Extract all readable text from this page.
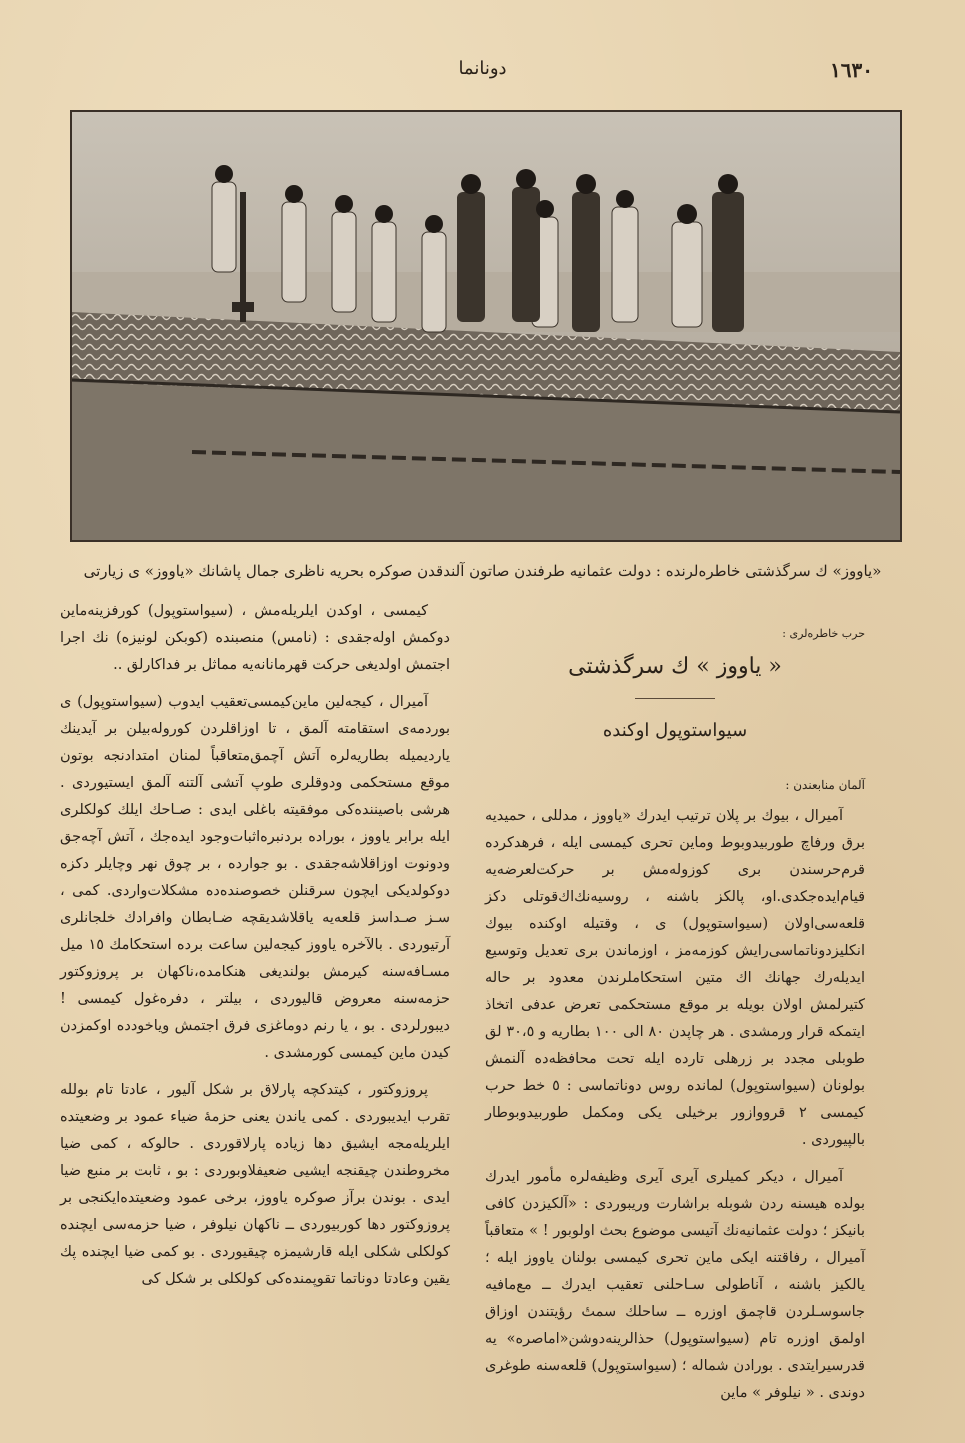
١٦٣٠
دونانما
«یاووز» ك سرگذشتی خاطره‌لرنده : دولت عثمانیه طرفندن صاتون آلندقدن صوكره بحریه ناظری جمال پاشانك «یاووز» ی زیارتی
حرب خاطره‌لری :
« یاووز » ك سرگذشتی
سیواستوپول اوكنده
آلمان منابعندن :

آمیرال ، بیوك بر پلان ترتیب ایدرك «یاووز ، مدللی ، حمیدیه برق ورفاچ طوربیدوبوط وماین تحری كیمسی ایله ، فرهدكرده قرم‌حرسندن بری كوزوله‌مش بر حركت‌لعرضه‌یه قیام‌ایده‌جكدی.او، پالكز باشنه ، روسیه‌نك‌اك‌قوتلی دكز قلعه‌سی‌اولان (سیواستوپول) ی ، وقتیله اوكنده بیوك انكلیزدوناتماسی‌رایش كوزمه‌مز ، اوزماندن بری تعدیل وتوسیع ایدیله‌رك جهانك اك متین استحكاملرندن معدود بر حاله كتیرلمش اولان بو‌یله بر موقع مستحكمی تعرض عدفی اتخاذ ایتمكه قرار ورمشدی . هر چاپدن ٨٠ الی ١٠٠ بطاریه و ٣٠،٥ لق طوبلی مجدد بر زرهلی تارده ایله تحت محافظه‌ده آلنمش بولونان (سیواستوپول) لمانده روس دوناتماسی : ٥ خط حرب كیمسی ٢ قرووازور برخیلی یكی ومكمل طوربیدوبوطار بالپیوردی .

آمیرال ، دیكر كمیلری آیری آیری وظیفه‌لره مأمور ایدرك بولده هیسنه ردن شوبله براشارت وریبوردی : «آلكیزدن كافی بانیكز ؛ دولت عثمانیه‌نك آتیسی موضوع بحث اولوبور ! » متعاقباً آمیرال ، رفاقتنه ایكی ماین تحری كیمسی بولنان یاووز ایله ؛ یالكیز باشنه ، آناطولی سـاحلنی تعقیب ایدرك ــ مع‌مافیه جاسوسـلردن قاچمق اوزره ــ ساحلك سمتٔ رؤیتندن اوزاق اولمق اوزره تام (سیواستوپول) حذالرینه‌دوشن‌«اماصره» یه قدرسیرایتدی . بورادن شماله ؛ (سیواستوپول) قلعه‌سنه طوغری دوندی . « نیلوفر » ماین

كیمسی ، اوكدن ایلریله‌مش ، (سیواستوپول) كورفزینه‌ماین دوكمش اوله‌جقدی : (نامس) منصبنده (كوبكن لونیزه) نك اجرا اجتمش اولدیغی حركت قهرمانانه‌یه مماثل بر فداكارلق ..

آمیرال ، كیجه‌لین ماین‌كیمسی‌تعقیب ایدوب (سیواستوپول) ی بوردمه‌ی استقامته آلمق ، تا اوزاقلردن كوروله‌بیلن بر آیدینك یاردیمیله بطاریه‌لره آتش آچمق‌متعاقباً لمنان امتدادنجه بوتون موقع مستحكمی ودوقلری طوپ آتشی آلتنه آلمق ایستیوردی . هرشی باصیننده‌كی موفقیته باغلی ایدی : صـاحك ایلك كولكلری ایله برابر یاووز ، بوراده بردنبره‌اثبات‌وجود ایده‌جك ، آتش آچه‌جق ودونوت اوزاقلاشه‌جقدی . بو جوارده ، بر چوق نهر وچایلر دكزه دوكولدیكی ایچون سرقنلن خصوصنده‌ده مشكلات‌واردی. كمی ، سـز صـداسز قلعه‌یه یاقلاشدیقچه ضـابطان وافرادك خلجانلری آرتیوردی . بالآخره یاووز كیجه‌لین ساعت برده استحكامك ١٥ میل مسـافه‌سنه كیرمش بولندیغی هنكامده،ناكهان بر پروزوكتور حزمه‌سنه معروض قالیوردی ، بیلتر ، دفره‌غول كیمسی ! دیبورلردی . بو ، یا رنم دوماغزی فرق اجتمش ویاخودده اوكمزدن كیدن ماین كیمسی كورمشدی .

پروزوكتور ، كیتدكچه پارلاق بر شكل آلیور ، عادتا تام بولله تقرب ایدیبوردی . كمی یاندن یعنی حزمهٔ ضیاء عمود بر وضعیتده ایلریله‌مجه ایشیق دها زیاده پارلاقوردی . حالوكه ، كمی ضیا مخروطندن چیقنجه ایشیی ضعیفلاوبوردی : بو ، ثابت بر منبع ضیا ایدی . بوندن برآز صوكره یاووز، برخی عمود وضعیتده‌ایكنجی بر پروزوكتور دها كوربیوردی ــ ناكهان نیلوفر ، ضیا حزمه‌سی ایچنده كولكلی شكلی ایله قارشیمزه چیقیوردی . بو كمی ضیا ایچنده پك یقین وعادتا دوناتما تقوپمنده‌كی كولكلی بر شكل كی
